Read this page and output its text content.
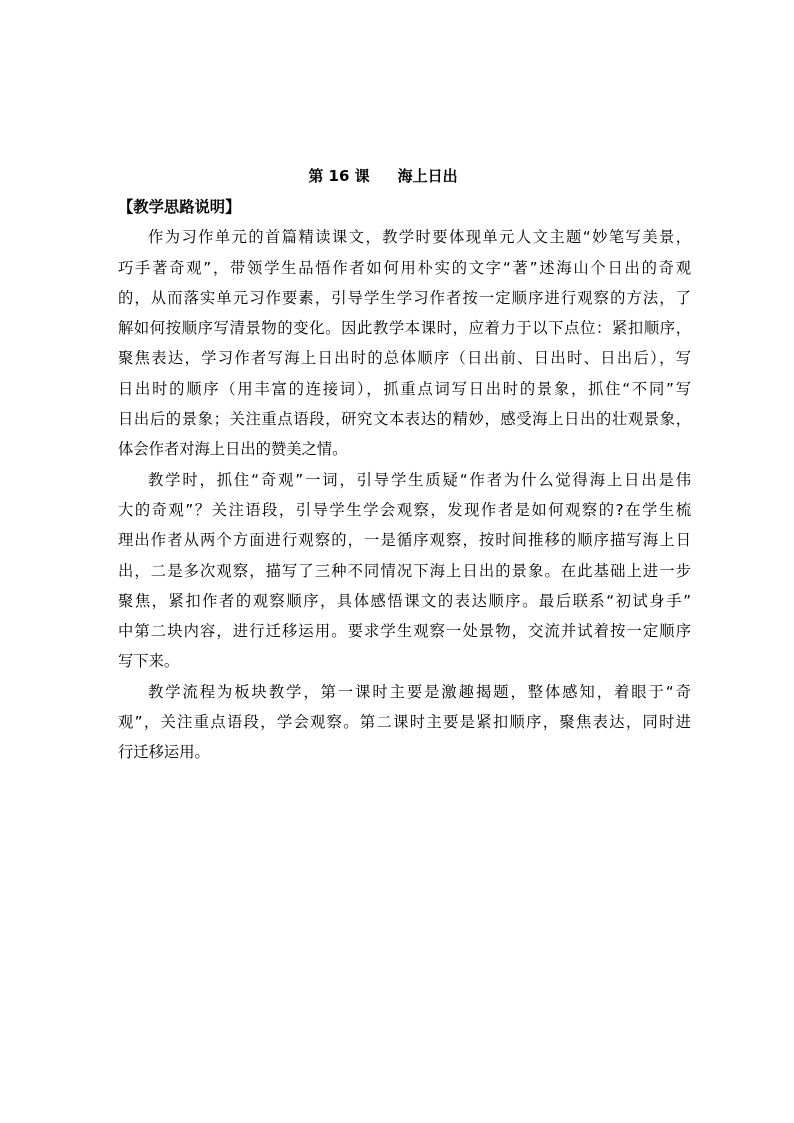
第 16 课 海上日出
【教学思路说明】
作为习作单元的首篇精读课文，教学时要体现单元人文主题“妙笔写美景，
巧手著奇观”，带领学生品悟作者如何用朴实的文字“著”述海山个日出的奇观
的，从而落实单元习作要素，引导学生学习作者按一定顺序进行观察的方法，了
解如何按顺序写清景物的变化。因此教学本课时，应着力于以下点位：紧扣顺序，
聚焦表达，学习作者写海上日出时的总体顺序（日出前、日出时、日出后），写
日出时的顺序（用丰富的连接词），抓重点词写日出时的景象，抓住“不同”写
日出后的景象；关注重点语段，研究文本表达的精妙，感受海上日出的壮观景象，
体会作者对海上日出的赞美之情。
教学时，抓住“奇观”一词，引导学生质疑“作者为什么觉得海上日出是伟
大的奇观”？关注语段，引导学生学会观察，发现作者是如何观察的?在学生梳
理出作者从两个方面进行观察的，一是循序观察，按时间推移的顺序描写海上日
出，二是多次观察，描写了三种不同情况下海上日出的景象。在此基础上进一步
聚焦，紧扣作者的观察顺序，具体感悟课文的表达顺序。最后联系“初试身手”
中第二块内容，进行迁移运用。要求学生观察一处景物，交流并试着按一定顺序
写下来。
教学流程为板块教学，第一课时主要是激趣揭题，整体感知，着眼于“奇
观”，关注重点语段，学会观察。第二课时主要是紧扣顺序，聚焦表达，同时进
行迁移运用。
